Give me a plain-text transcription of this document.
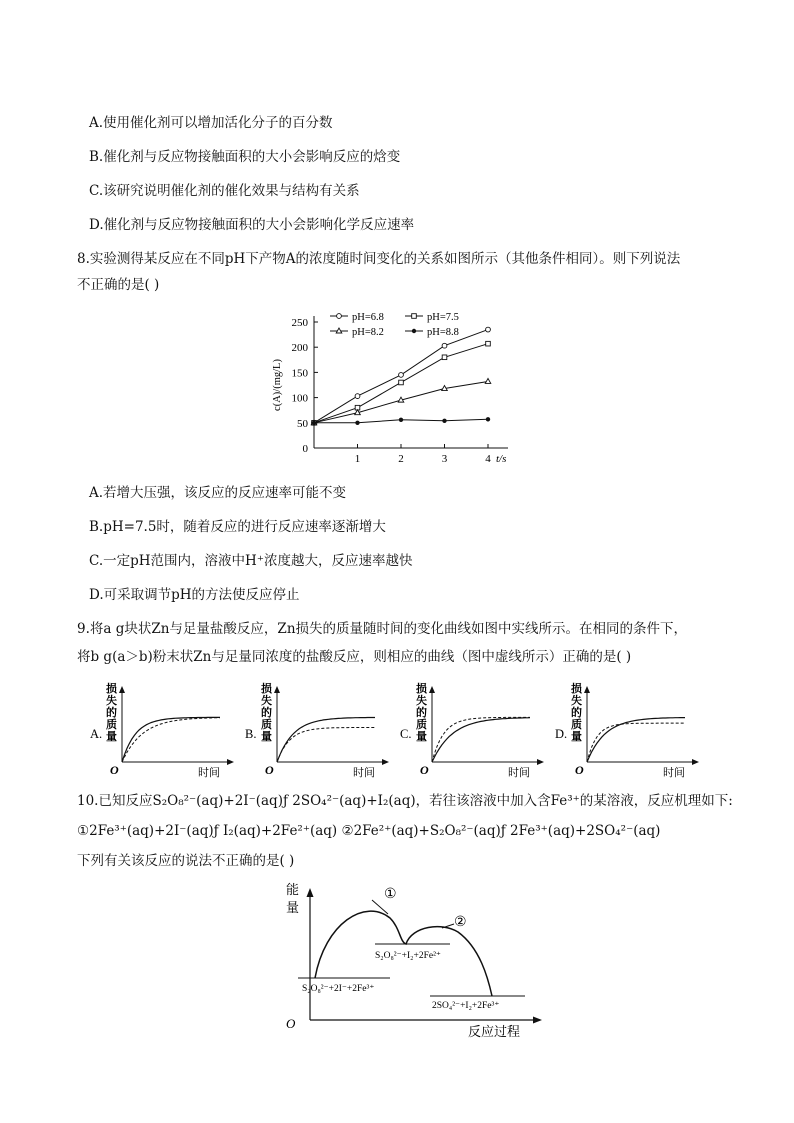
A.使用催化剂可以增加活化分子的百分数
B.催化剂与反应物接触面积的大小会影响反应的焓变
C.该研究说明催化剂的催化效果与结构有关系
D.催化剂与反应物接触面积的大小会影响化学反应速率
8.实验测得某反应在不同pH下产物A的浓度随时间变化的关系如图所示（其他条件相同）。则下列说法
不正确的是( )
c(A)/(mg/L)
0
50
100
150
200
250
1	2	3	4 t/s
pH=6.8	pH=7.5
pH=8.2	pH=8.8
A.若增大压强，该反应的反应速率可能不变
B.pH=7.5时，随着反应的进行反应速率逐渐增大
C.一定pH范围内，溶液中H⁺浓度越大，反应速率越快
D.可采取调节pH的方法使反应停止
9.将a g块状Zn与足量盐酸反应，Zn损失的质量随时间的变化曲线如图中实线所示。在相同的条件下，
将b g(a＞b)粉末状Zn与足量同浓度的盐酸反应，则相应的曲线（图中虚线所示）正确的是( )
A.
损
失
的
质
量
O	时间
B.
损
失
的
质
量
O	时间
C.
损
失
的
质
量
O	时间
D.
损
失
的
质
量
O	时间
10.已知反应S₂O₈²⁻(aq)+2I⁻(aq)ƒ 2SO₄²⁻(aq)+I₂(aq)，若往该溶液中加入含Fe³⁺的某溶液，反应机理如下:
①2Fe³⁺(aq)+2I⁻(aq)ƒ I₂(aq)+2Fe²⁺(aq) ②2Fe²⁺(aq)+S₂O₈²⁻(aq)ƒ 2Fe³⁺(aq)+2SO₄²⁻(aq)
下列有关该反应的说法不正确的是( )
能
量
O
反应过程
①
②
S₂O₈²⁻+2I⁻+2Fe³⁺
S₂O₈²⁻+I₂+2Fe²⁺
2SO₄²⁻+I₂+2Fe³⁺
